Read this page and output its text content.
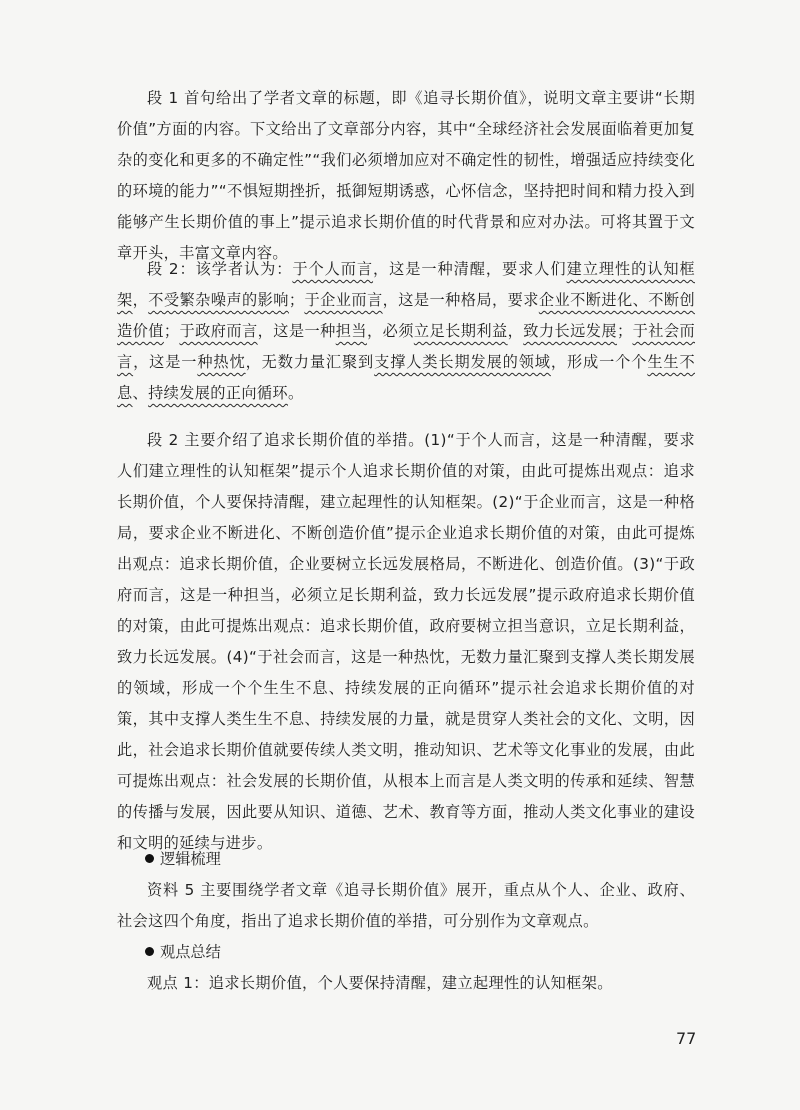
段 1 首句给出了学者文章的标题，即《追寻长期价值》，说明文章主要讲“长期价值”方面的内容。下文给出了文章部分内容，其中“全球经济社会发展面临着更加复杂的变化和更多的不确定性”“我们必须增加应对不确定性的韧性，增强适应持续变化的环境的能力”“不惧短期挫折，抵御短期诱惑，心怀信念，坚持把时间和精力投入到能够产生长期价值的事上”提示追求长期价值的时代背景和应对办法。可将其置于文章开头，丰富文章内容。
段 2：该学者认为：于个人而言，这是一种清醒，要求人们建立理性的认知框架，不受繁杂噪声的影响；于企业而言，这是一种格局，要求企业不断进化、不断创造价值；于政府而言，这是一种担当，必须立足长期利益，致力长远发展；于社会而言，这是一种热忱，无数力量汇聚到支撑人类长期发展的领域，形成一个个生生不息、持续发展的正向循环。
段 2 主要介绍了追求长期价值的举措。(1)“于个人而言，这是一种清醒，要求人们建立理性的认知框架”提示个人追求长期价值的对策，由此可提炼出观点：追求长期价值，个人要保持清醒，建立起理性的认知框架。(2)“于企业而言，这是一种格局，要求企业不断进化、不断创造价值”提示企业追求长期价值的对策，由此可提炼出观点：追求长期价值，企业要树立长远发展格局，不断进化、创造价值。(3)“于政府而言，这是一种担当，必须立足长期利益，致力长远发展”提示政府追求长期价值的对策，由此可提炼出观点：追求长期价值，政府要树立担当意识，立足长期利益，致力长远发展。(4)“于社会而言，这是一种热忱，无数力量汇聚到支撑人类长期发展的领域，形成一个个生生不息、持续发展的正向循环”提示社会追求长期价值的对策，其中支撑人类生生不息、持续发展的力量，就是贯穿人类社会的文化、文明，因此，社会追求长期价值就要传续人类文明，推动知识、艺术等文化事业的发展，由此可提炼出观点：社会发展的长期价值，从根本上而言是人类文明的传承和延续、智慧的传播与发展，因此要从知识、道德、艺术、教育等方面，推动人类文化事业的建设和文明的延续与进步。
逻辑梳理
资料 5 主要围绕学者文章《追寻长期价值》展开，重点从个人、企业、政府、社会这四个角度，指出了追求长期价值的举措，可分别作为文章观点。
观点总结
观点 1：追求长期价值，个人要保持清醒，建立起理性的认知框架。
77
